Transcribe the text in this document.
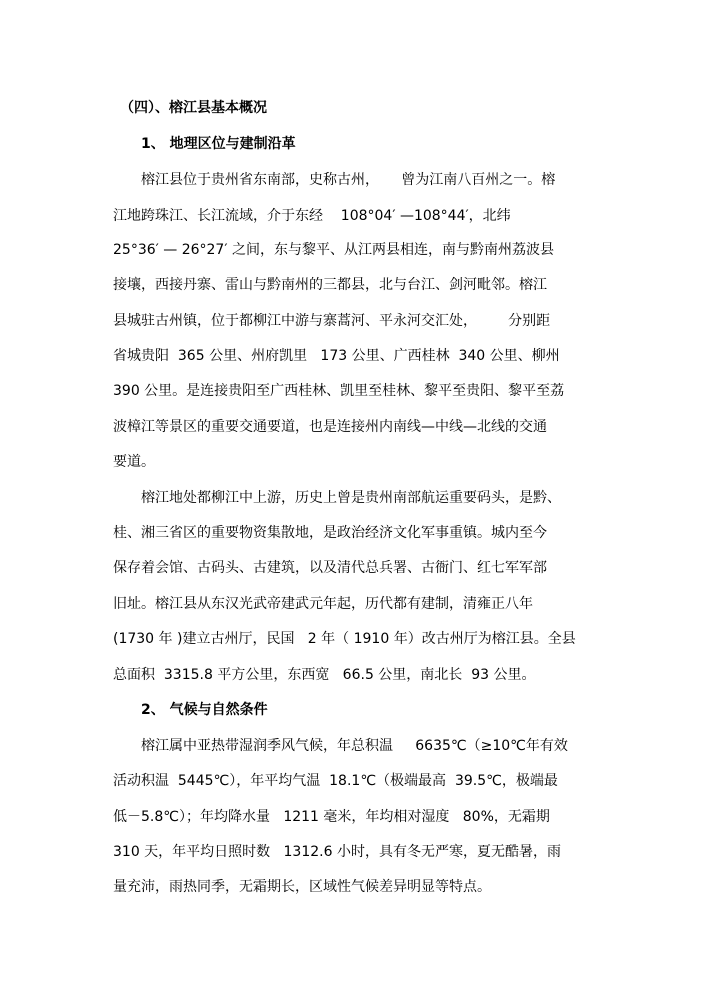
（四）、榕江县基本概况
1、 地理区位与建制沿革
榕江县位于贵州省东南部，史称古州，     曾为江南八百州之一。榕
江地跨珠江、长江流域，介于东经    108°04′ —108°44′，北纬
25°36′ — 26°27′ 之间，东与黎平、从江两县相连，南与黔南州荔波县
接壤，西接丹寨、雷山与黔南州的三都县，北与台江、剑河毗邻。榕江
县城驻古州镇，位于都柳江中游与寨蒿河、平永河交汇处，       分别距
省城贵阳  365 公里、州府凯里   173 公里、广西桂林  340 公里、柳州
390 公里。是连接贵阳至广西桂林、凯里至桂林、黎平至贵阳、黎平至荔
波樟江等景区的重要交通要道，也是连接州内南线—中线—北线的交通
要道。
榕江地处都柳江中上游，历史上曾是贵州南部航运重要码头，是黔、
桂、湘三省区的重要物资集散地，是政治经济文化军事重镇。城内至今
保存着会馆、古码头、古建筑，以及清代总兵署、古衙门、红七军军部
旧址。榕江县从东汉光武帝建武元年起，历代都有建制，清雍正八年
(1730 年 )建立古州厅，民国   2 年（ 1910 年）改古州厅为榕江县。全县
总面积  3315.8 平方公里，东西宽   66.5 公里，南北长  93 公里。
2、 气候与自然条件
榕江属中亚热带湿润季风气候，年总积温     6635℃（≥10℃年有效
活动积温  5445℃），年平均气温  18.1℃（极端最高  39.5℃，极端最
低－5.8℃）；年均降水量   1211 毫米，年均相对湿度   80%，无霜期
310 天，年平均日照时数   1312.6 小时，具有冬无严寒，夏无酷暑，雨
量充沛，雨热同季，无霜期长，区域性气候差异明显等特点。
